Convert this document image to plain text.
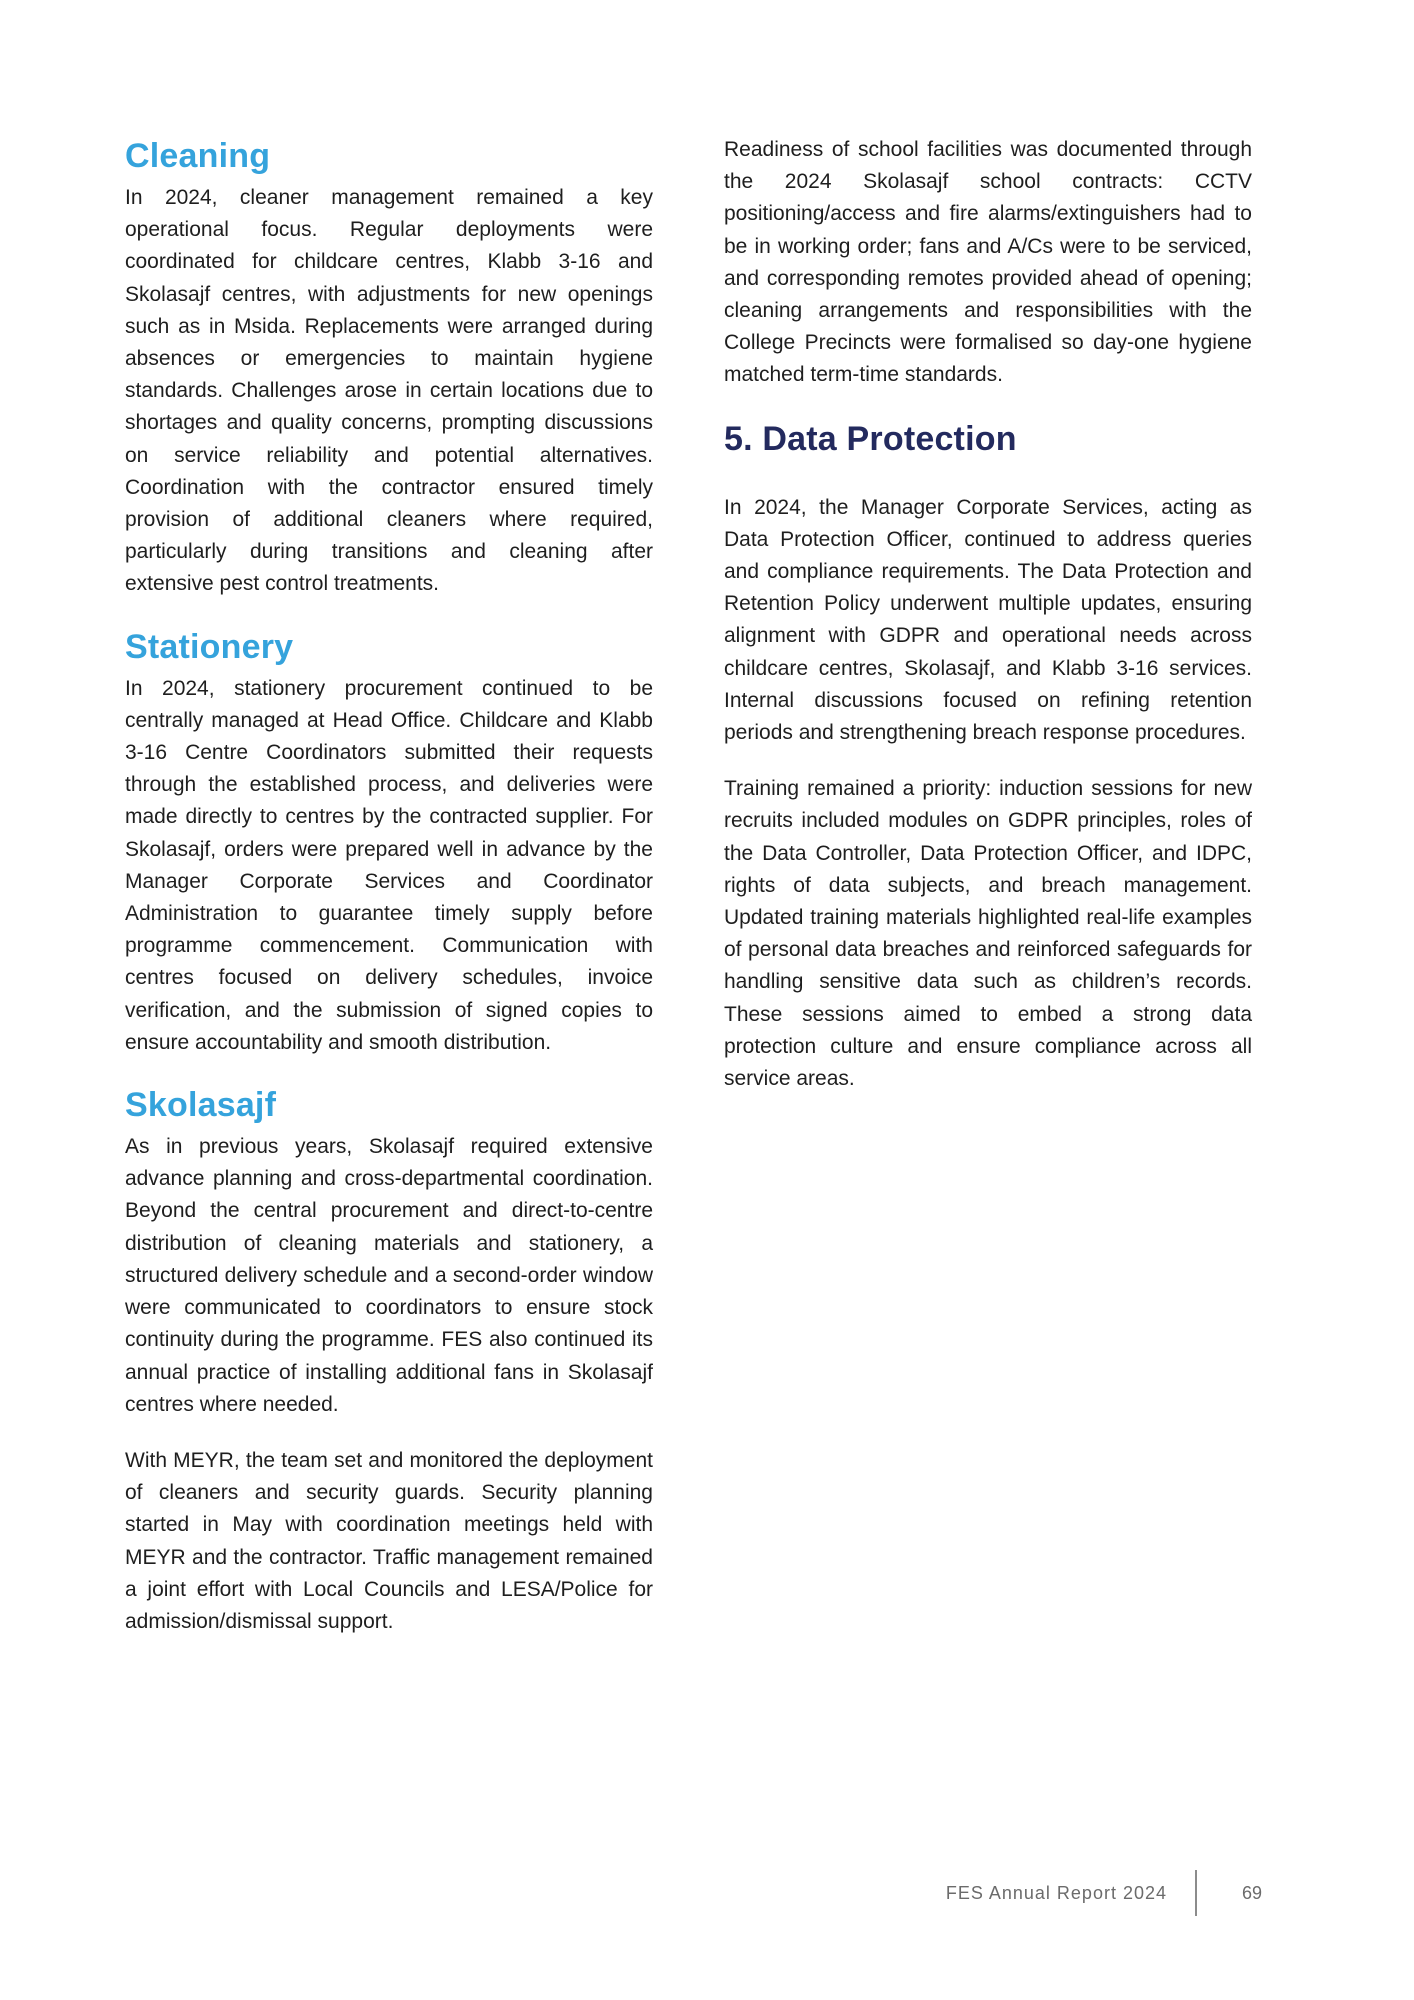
Cleaning

In 2024, cleaner management remained a key operational focus. Regular deployments were coordinated for childcare centres, Klabb 3-16 and Skolasajf centres, with adjustments for new openings such as in Msida. Replacements were arranged during absences or emergencies to maintain hygiene standards. Challenges arose in certain locations due to shortages and quality concerns, prompting discussions on service reliability and potential alternatives. Coordination with the contractor ensured timely provision of additional cleaners where required, particularly during transitions and cleaning after extensive pest control treatments.

Stationery

In 2024, stationery procurement continued to be centrally managed at Head Office. Childcare and Klabb 3-16 Centre Coordinators submitted their requests through the established process, and deliveries were made directly to centres by the contracted supplier. For Skolasajf, orders were prepared well in advance by the Manager Corporate Services and Coordinator Administration to guarantee timely supply before programme commencement. Communication with centres focused on delivery schedules, invoice verification, and the submission of signed copies to ensure accountability and smooth distribution.

Skolasajf

As in previous years, Skolasajf required extensive advance planning and cross-departmental coordination. Beyond the central procurement and direct-to-centre distribution of cleaning materials and stationery, a structured delivery schedule and a second-order window were communicated to coordinators to ensure stock continuity during the programme. FES also continued its annual practice of installing additional fans in Skolasajf centres where needed.

With MEYR, the team set and monitored the deployment of cleaners and security guards. Security planning started in May with coordination meetings held with MEYR and the contractor. Traffic management remained a joint effort with Local Councils and LESA/Police for admission/dismissal support.

Readiness of school facilities was documented through the 2024 Skolasajf school contracts: CCTV positioning/access and fire alarms/extinguishers had to be in working order; fans and A/Cs were to be serviced, and corresponding remotes provided ahead of opening; cleaning arrangements and responsibilities with the College Precincts were formalised so day-one hygiene matched term-time standards.

5. Data Protection

In 2024, the Manager Corporate Services, acting as Data Protection Officer, continued to address queries and compliance requirements. The Data Protection and Retention Policy underwent multiple updates, ensuring alignment with GDPR and operational needs across childcare centres, Skolasajf, and Klabb 3-16 services. Internal discussions focused on refining retention periods and strengthening breach response procedures.

Training remained a priority: induction sessions for new recruits included modules on GDPR principles, roles of the Data Controller, Data Protection Officer, and IDPC, rights of data subjects, and breach management. Updated training materials highlighted real-life examples of personal data breaches and reinforced safeguards for handling sensitive data such as children’s records. These sessions aimed to embed a strong data protection culture and ensure compliance across all service areas.

FES Annual Report 2024	69
